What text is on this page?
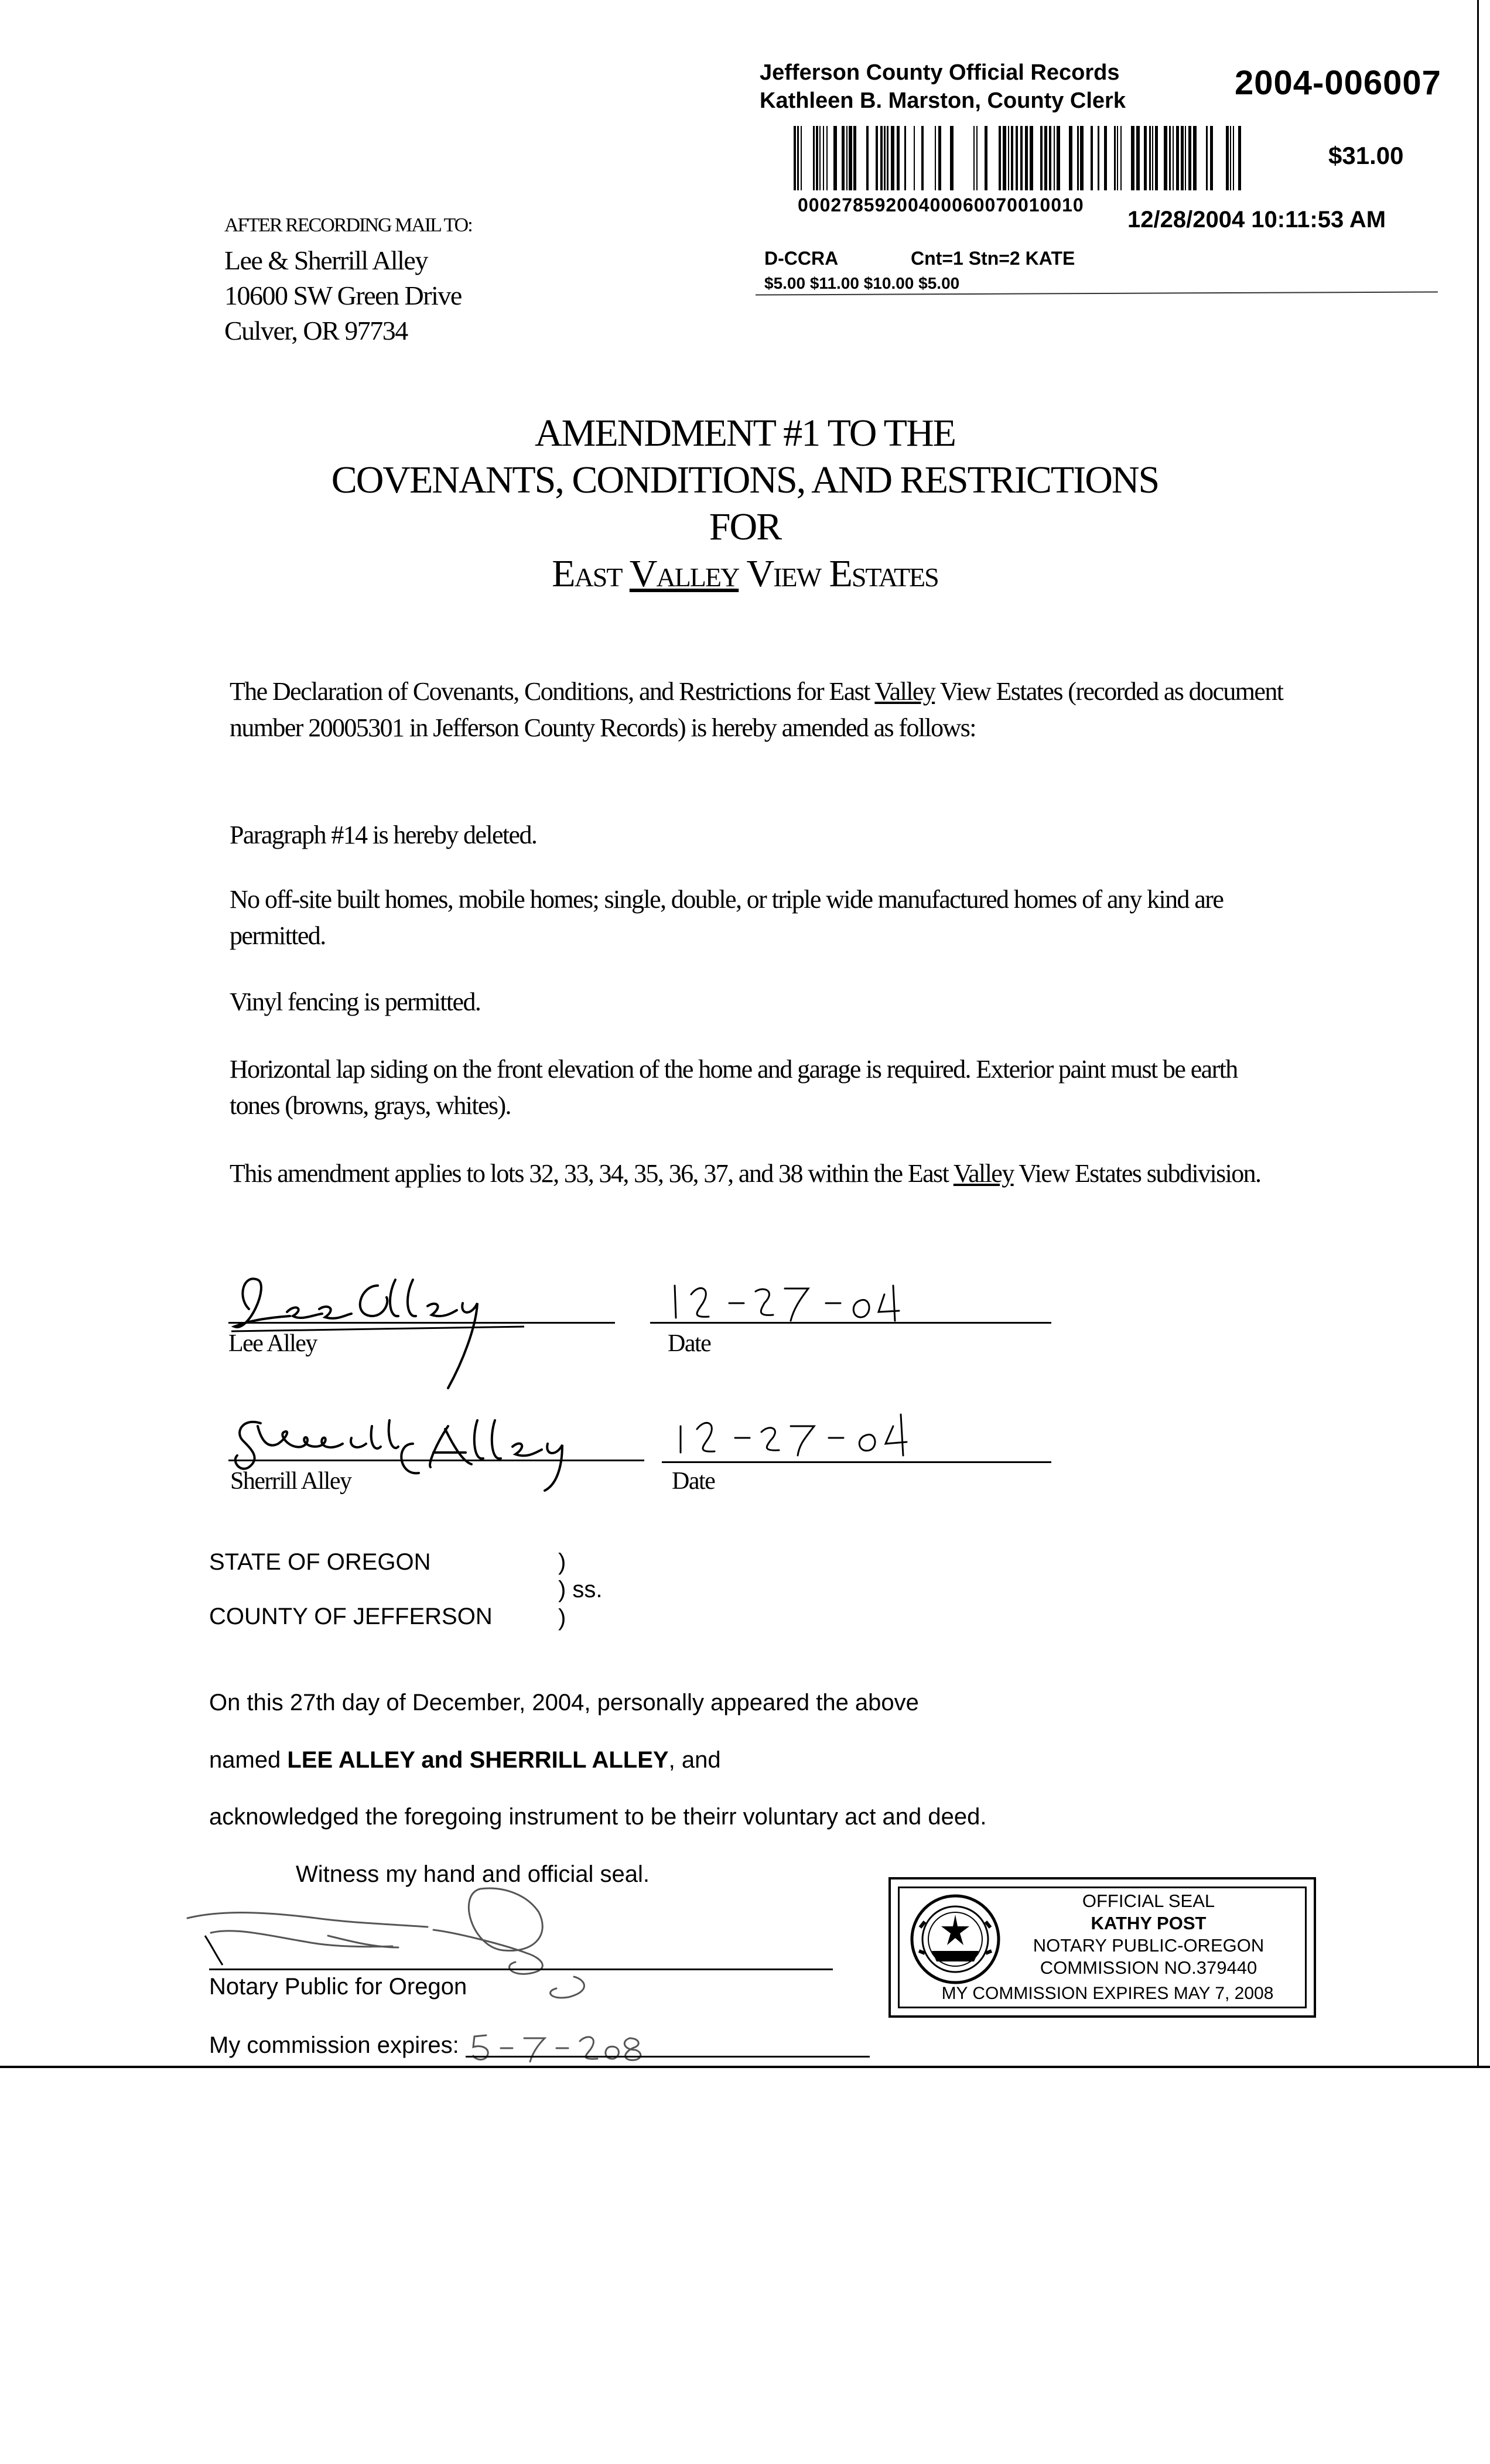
Jefferson County Official Records
Kathleen B. Marston, County Clerk	2004-006007
$31.00
00027859200400060070010010
12/28/2004 10:11:53 AM
D-CCRA	Cnt=1 Stn=2 KATE
$5.00 $11.00 $10.00 $5.00
AFTER RECORDING MAIL TO:
Lee & Sherrill Alley
10600 SW Green Drive
Culver, OR 97734
AMENDMENT #1 TO THE
COVENANTS, CONDITIONS, AND RESTRICTIONS
FOR
East Valley View Estates
The Declaration of Covenants, Conditions, and Restrictions for East Valley View Estates (recorded as document number 20005301 in Jefferson County Records) is hereby amended as follows:
Paragraph #14 is hereby deleted.
No off-site built homes, mobile homes; single, double, or triple wide manufactured homes of any kind are permitted.
Vinyl fencing is permitted.
Horizontal lap siding on the front elevation of the home and garage is required. Exterior paint must be earth tones (browns, grays, whites).
This amendment applies to lots 32, 33, 34, 35, 36, 37, and 38 within the East Valley View Estates subdivision.
Lee Alley	Date
Sherrill Alley	Date
STATE OF OREGON	)
) ss.
COUNTY OF JEFFERSON	)
On this 27th day of December, 2004, personally appeared the above
named LEE ALLEY and SHERRILL ALLEY, and
acknowledged the foregoing instrument to be theirr voluntary act and deed.
Witness my hand and official seal.
Notary Public for Oregon
My commission expires:
OFFICIAL SEAL
KATHY POST
NOTARY PUBLIC-OREGON
COMMISSION NO.379440
MY COMMISSION EXPIRES MAY 7, 2008
